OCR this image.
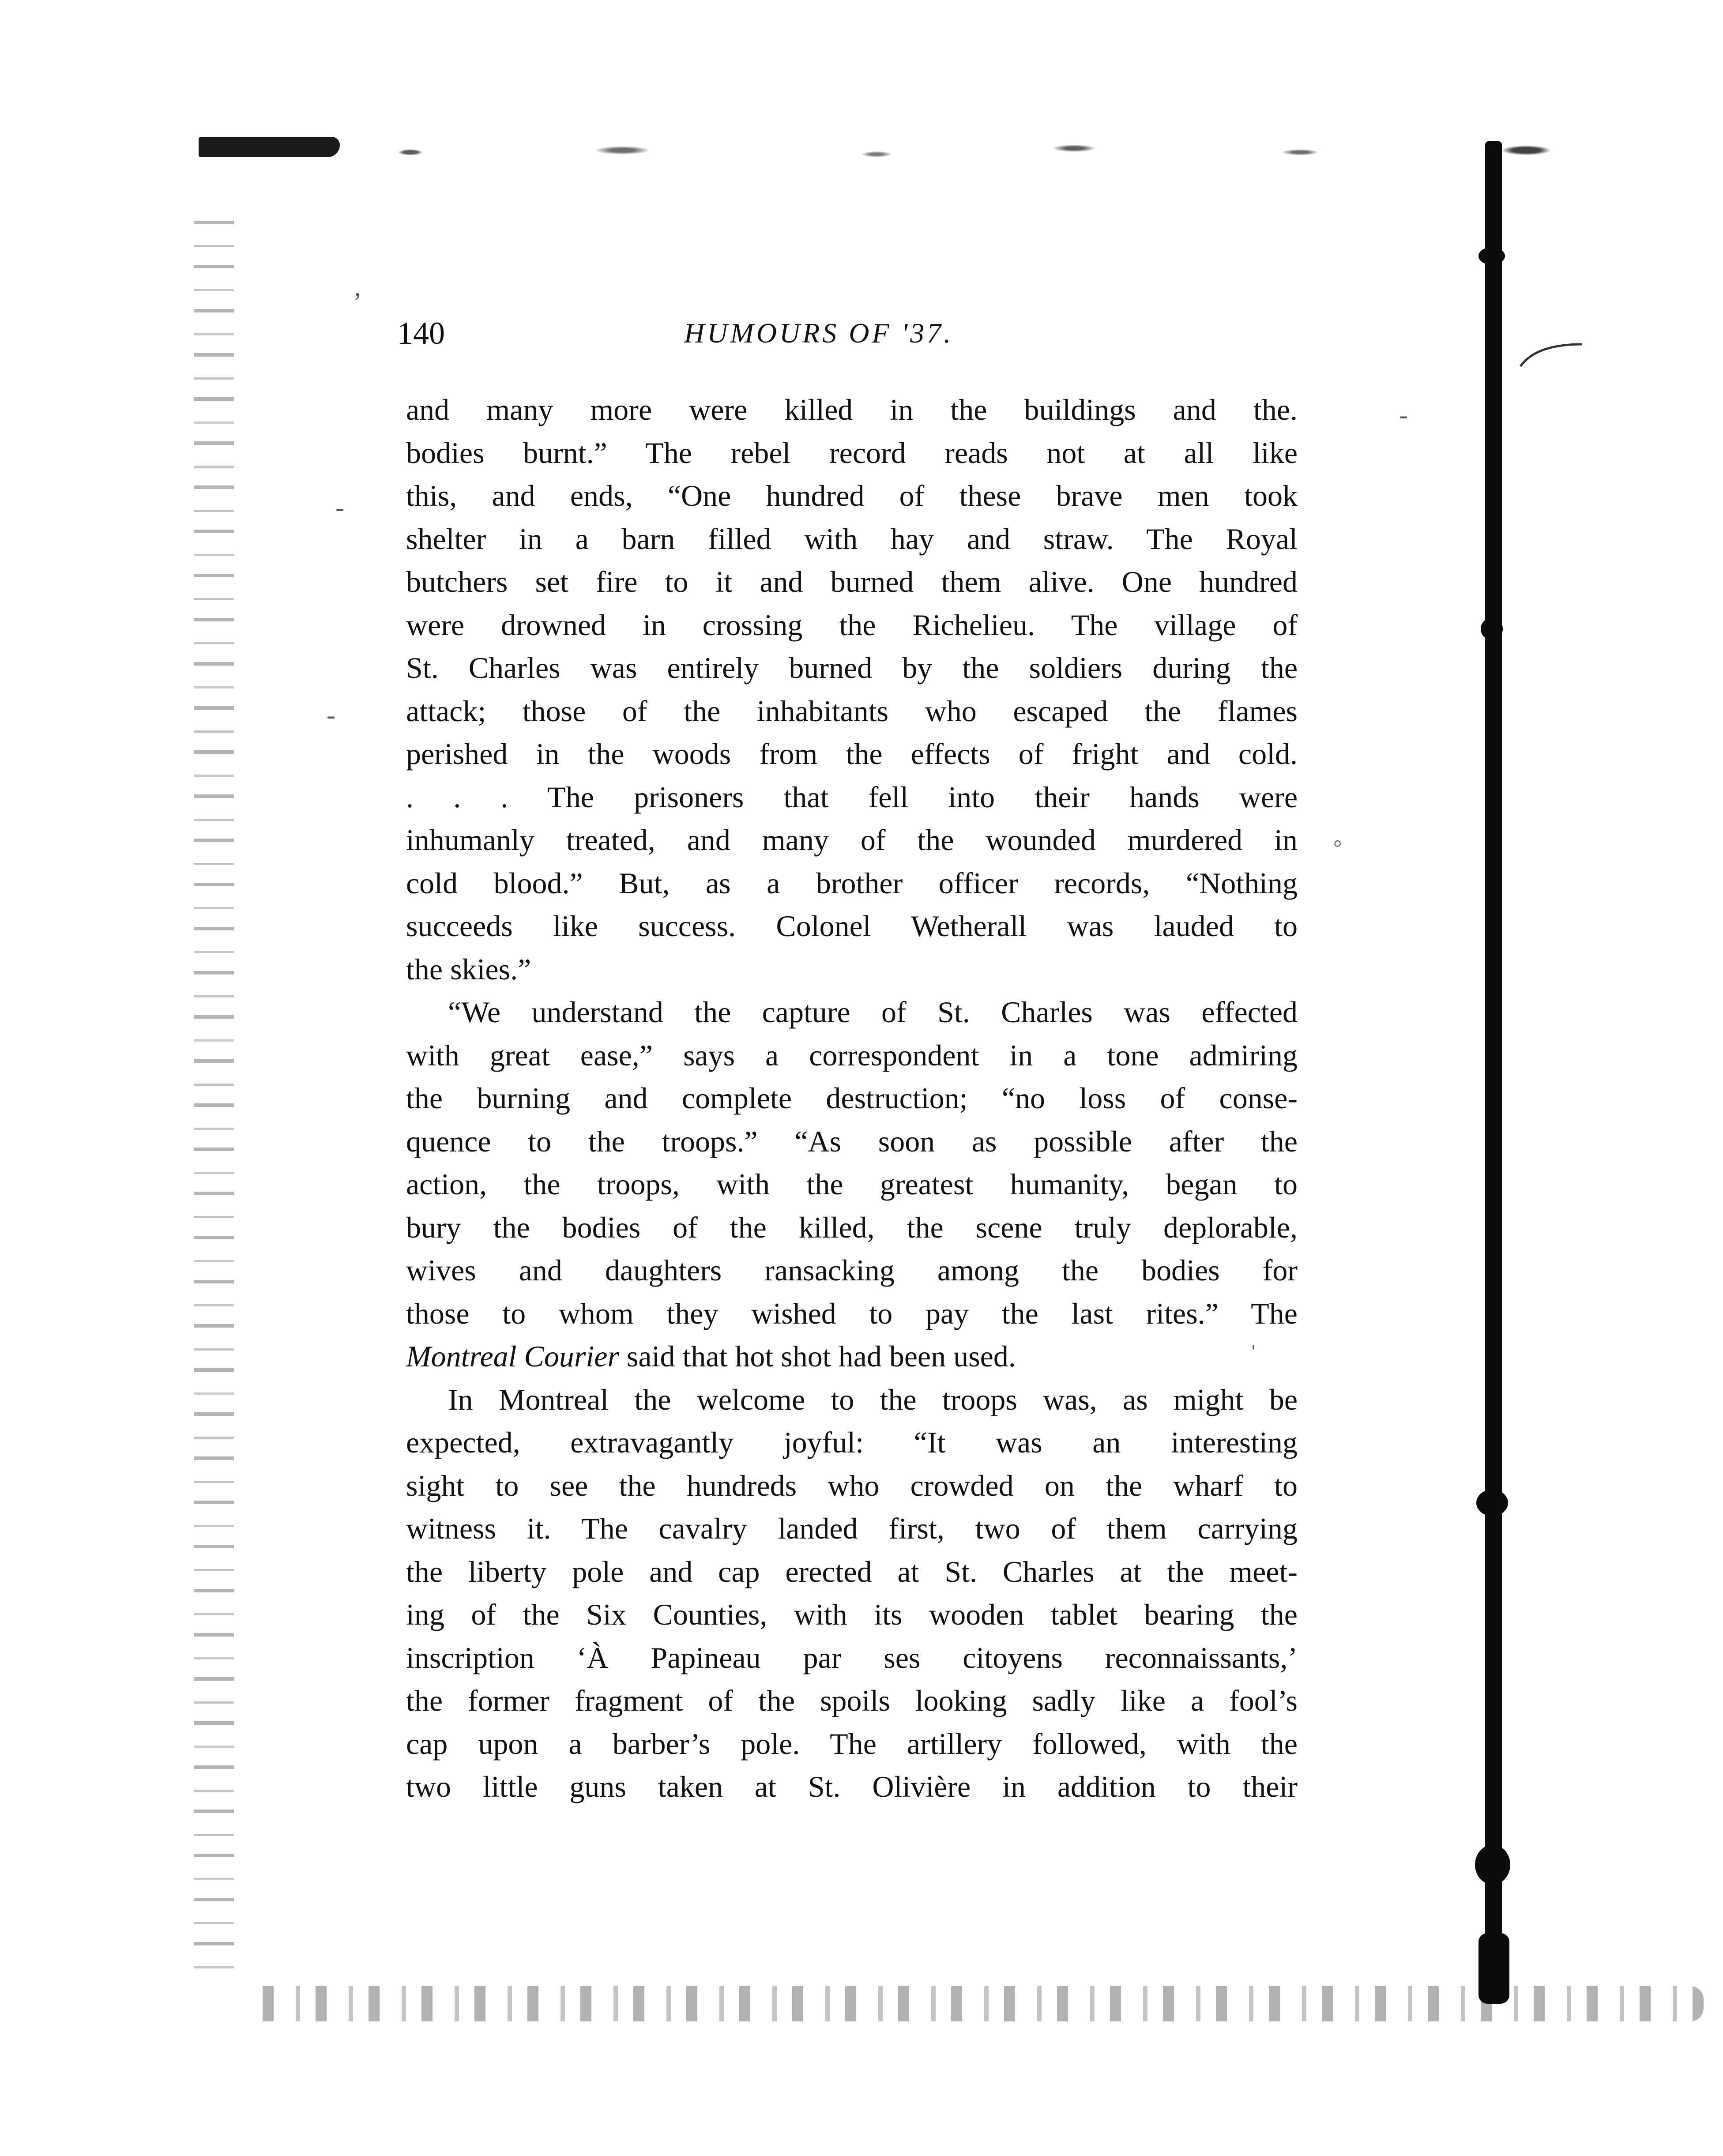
‚
-
-
-
◦
ˈ
140	HUMOURS OF '37.

and many more were killed in the buildings and the.
bodies burnt.” The rebel record reads not at all like
this, and ends, “One hundred of these brave men took
shelter in a barn filled with hay and straw. The Royal
butchers set fire to it and burned them alive. One hundred
were drowned in crossing the Richelieu. The village of
St. Charles was entirely burned by the soldiers during the
attack; those of the inhabitants who escaped the flames
perished in the woods from the effects of fright and cold.
. . . The prisoners that fell into their hands were
inhumanly treated, and many of the wounded murdered in
cold blood.” But, as a brother officer records, “Nothing
succeeds like success. Colonel Wetherall was lauded to
the skies.”

“We understand the capture of St. Charles was effected
with great ease,” says a correspondent in a tone admiring
the burning and complete destruction; “no loss of conse-
quence to the troops.” “As soon as possible after the
action, the troops, with the greatest humanity, began to
bury the bodies of the killed, the scene truly deplorable,
wives and daughters ransacking among the bodies for
those to whom they wished to pay the last rites.” The
Montreal Courier said that hot shot had been used.

In Montreal the welcome to the troops was, as might be
expected, extravagantly joyful: “It was an interesting
sight to see the hundreds who crowded on the wharf to
witness it. The cavalry landed first, two of them carrying
the liberty pole and cap erected at St. Charles at the meet-
ing of the Six Counties, with its wooden tablet bearing the
inscription ‘À Papineau par ses citoyens reconnaissants,’
the former fragment of the spoils looking sadly like a fool’s
cap upon a barber’s pole. The artillery followed, with the
two little guns taken at St. Olivière in addition to their
